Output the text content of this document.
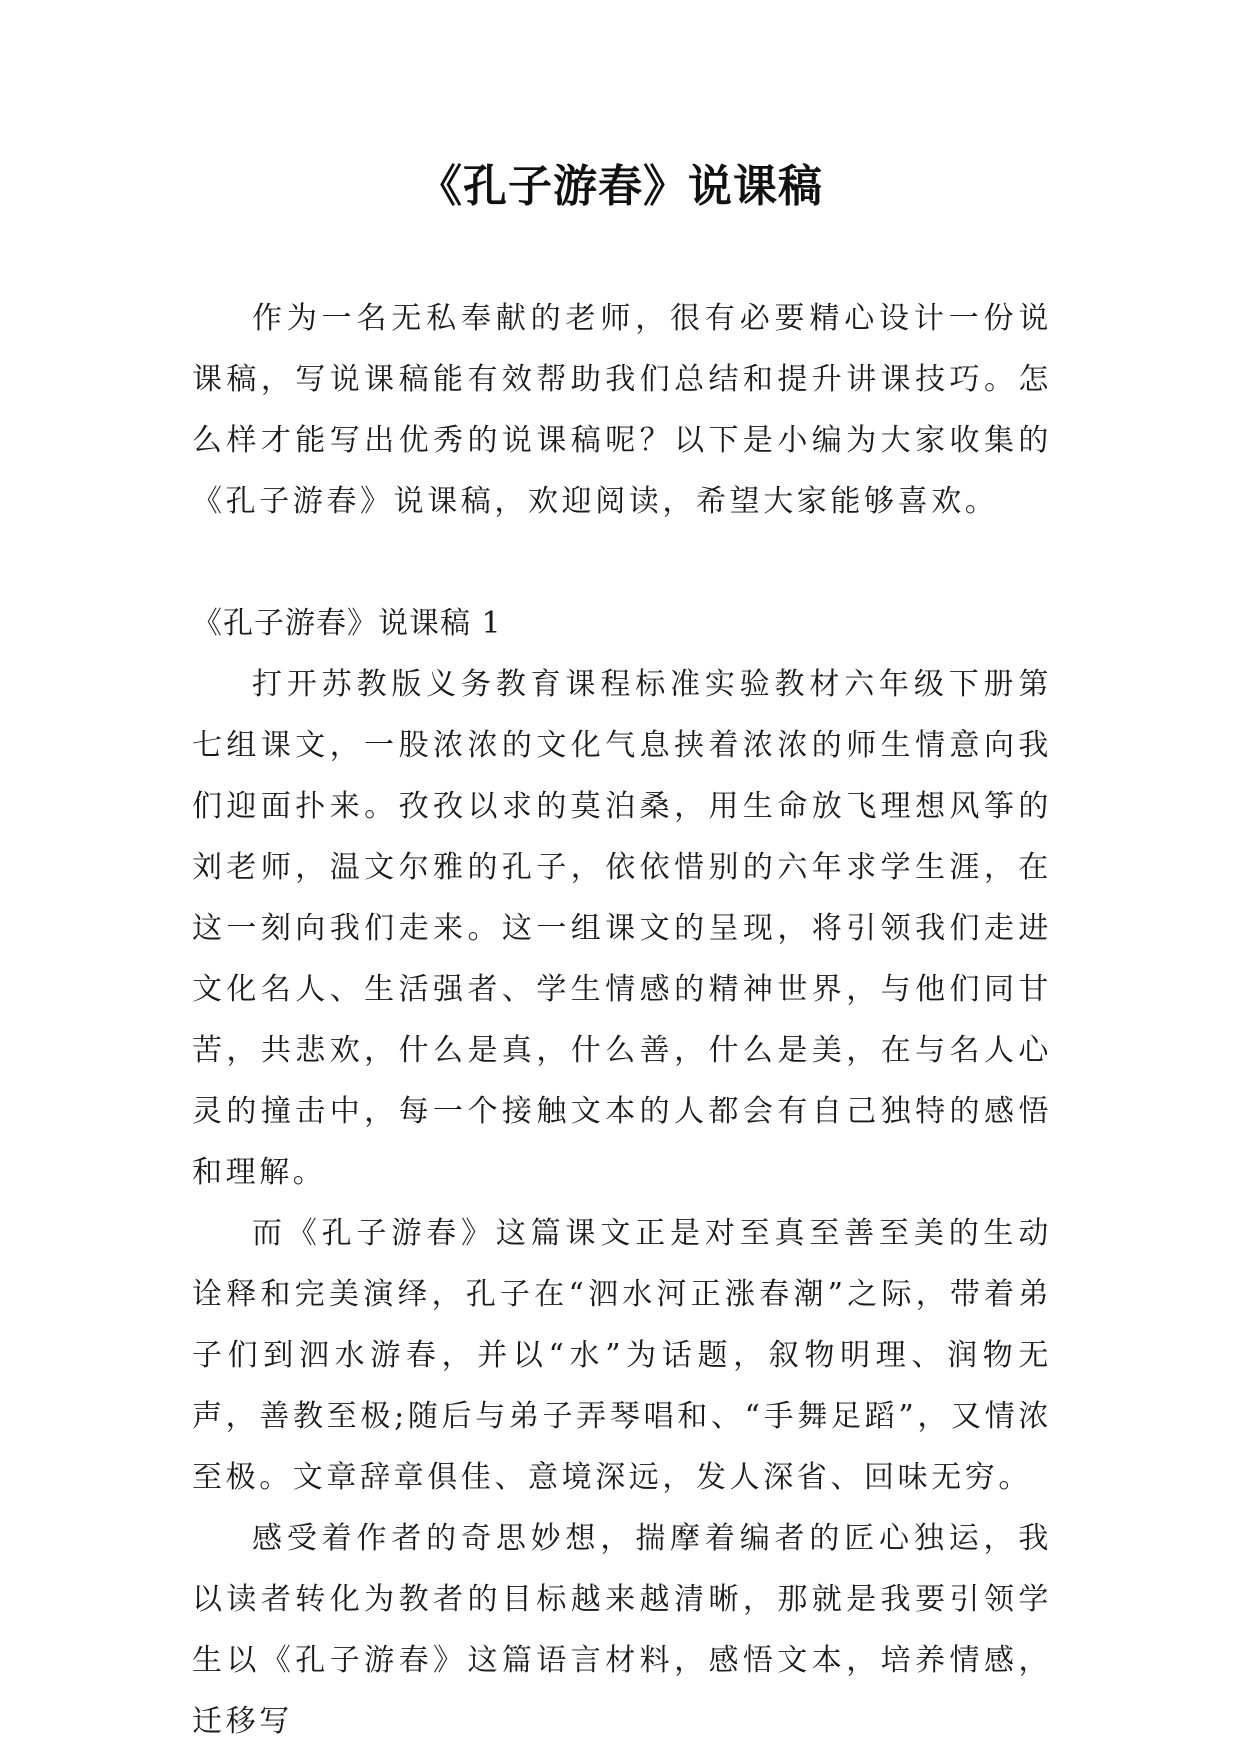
《孔子游春》说课稿

作为一名无私奉献的老师，很有必要精心设计一份说课稿，写说课稿能有效帮助我们总结和提升讲课技巧。怎么样才能写出优秀的说课稿呢？以下是小编为大家收集的《孔子游春》说课稿，欢迎阅读，希望大家能够喜欢。

《孔子游春》说课稿 1

打开苏教版义务教育课程标准实验教材六年级下册第七组课文，一股浓浓的文化气息挟着浓浓的师生情意向我们迎面扑来。孜孜以求的莫泊桑，用生命放飞理想风筝的刘老师，温文尔雅的孔子，依依惜别的六年求学生涯，在这一刻向我们走来。这一组课文的呈现，将引领我们走进文化名人、生活强者、学生情感的精神世界，与他们同甘苦，共悲欢，什么是真，什么善，什么是美，在与名人心灵的撞击中，每一个接触文本的人都会有自己独特的感悟和理解。

而《孔子游春》这篇课文正是对至真至善至美的生动诠释和完美演绎，孔子在“泗水河正涨春潮”之际，带着弟子们到泗水游春，并以“水”为话题，叙物明理、润物无声，善教至极;随后与弟子弄琴唱和、“手舞足蹈”，又情浓至极。文章辞章俱佳、意境深远，发人深省、回味无穷。

感受着作者的奇思妙想，揣摩着编者的匠心独运，我以读者转化为教者的目标越来越清晰，那就是我要引领学生以《孔子游春》这篇语言材料，感悟文本，培养情感，迁移写
